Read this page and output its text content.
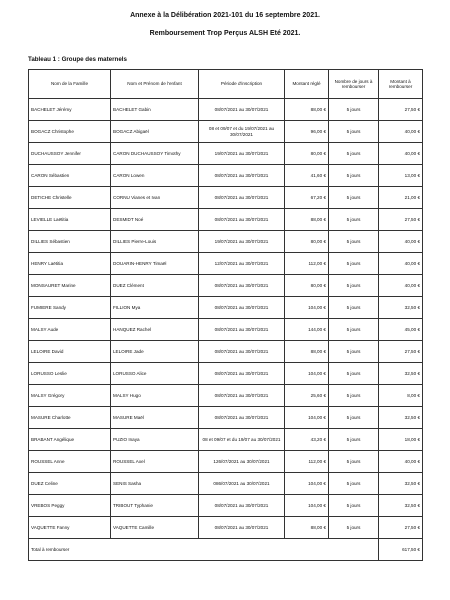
Annexe à la Délibération 2021-101 du 16 septembre 2021.
Remboursement Trop Perçus ALSH Eté 2021.
Tableau 1 : Groupe des maternels
Nom de la Famille	Nom et Prénom de l'enfant	Période d'inscription	Montant réglé	Nombre de jours à rembourser	Montant à rembourser
BACHELET Jérémy	BACHELET Gabin	08/07/2021 au 30/07/2021	88,00 €	5 jours	27,50 €
BOGACZ Christophe	BOGACZ Abigaël	08 et 09/07 et du 19/07/2021 au 30/07/2021	96,00 €	5 jours	40,00 €
DUCHAUSSOY Jennifer	CARON DUCHAUSSOY Timothy	19/07/2021 au 30/07/2021	80,00 €	5 jours	40,00 €
CARON Sébastien	CARON Lowen	08/07/2021 au 30/07/2021	41,60 €	5 jours	13,00 €
DETICHE Christelle	CORNU Vianes et Ivan	08/07/2021 au 30/07/2021	67,20 €	5 jours	21,00 €
LEVIELLE Laëtitia	DESMIDT Noé	08/07/2021 au 30/07/2021	88,00 €	5 jours	27,50 €
DILLIES Sébastien	DILLIES Pierre-Louis	19/07/2021 au 30/07/2021	80,00 €	5 jours	40,00 €
HENRY Laëtitia	DOUARIN-HENRY Timaël	12/07/2021 au 30/07/2021	112,00 €	5 jours	40,00 €
MONSAURET Marine	DUEZ Clément	08/07/2021 au 30/07/2021	80,00 €	5 jours	40,00 €
FUMIERE Sandy	FILLION Mya	08/07/2021 au 30/07/2021	104,00 €	5 jours	32,50 €
MALSY Aude	HANQUEZ Rachel	08/07/2021 au 30/07/2021	144,00 €	5 jours	45,00 €
LELOIRE David	LELOIRE Jade	08/07/2021 au 30/07/2021	88,00 €	5 jours	27,50 €
LORUSSO Leslie	LORUSSO Alice	08/07/2021 au 30/07/2021	104,00 €	5 jours	32,50 €
MALSY Grégory	MALSY Hugo	08/07/2021 au 30/07/2021	25,60 €	5 jours	8,00 €
MASURE Charlotte	MASURE Maël	08/07/2021 au 30/07/2021	104,00 €	5 jours	32,50 €
BRABANT Angélique	PUZIO Inaya	08 et 09/07 et du 19/07 au 30/07/2021	43,20 €	5 jours	18,00 €
ROUSSEL Anne	ROUSSEL Axel	126/07/2021 au 30/07/2021	112,00 €	5 jours	40,00 €
DUEZ Celine	SENIS Sasha	086/07/2021 au 30/07/2021	104,00 €	5 jours	32,50 €
VREBOS Peggy	TRIBOUT Typhanie	08/07/2021 au 30/07/2021	104,00 €	5 jours	32,50 €
VAQUETTE Fanny	VAQUETTE Camille	08/07/2021 au 30/07/2021	88,00 €	5 jours	27,50 €
Total à rembourser					617,50 €
